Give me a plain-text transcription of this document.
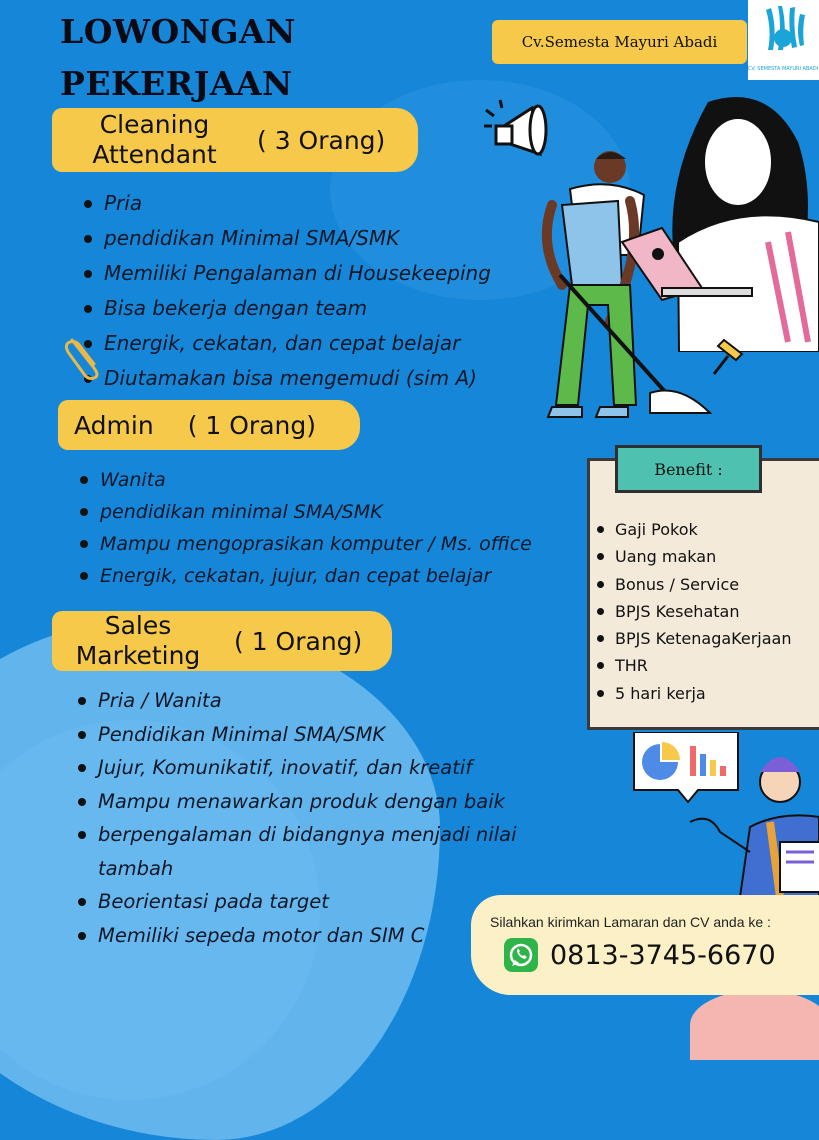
LOWONGAN
PEKERJAAN
Cv.Semesta Mayuri Abadi
CV. SEMESTA MAYURI ABADI
Cleaning
Attendant	( 3 Orang)
Pria
pendidikan Minimal SMA/SMK
Memiliki Pengalaman di Housekeeping
Bisa bekerja dengan team
Energik, cekatan, dan cepat belajar
Diutamakan bisa mengemudi (sim A)
Admin ( 1 Orang)
Wanita
pendidikan minimal SMA/SMK
Mampu mengoprasikan komputer / Ms. office
Energik, cekatan, jujur, dan cepat belajar
Sales
Marketing	( 1 Orang)
Pria / Wanita
Pendidikan Minimal SMA/SMK
Jujur, Komunikatif, inovatif, dan kreatif
Mampu menawarkan produk dengan baik
berpengalaman di bidangnya menjadi nilai tambah
Beorientasi pada target
Memiliki sepeda motor dan SIM C
Benefit :
Gaji Pokok
Uang makan
Bonus / Service
BPJS Kesehatan
BPJS KetenagaKerjaan
THR
5 hari kerja
Silahkan kirimkan Lamaran dan CV anda ke :
0813-3745-6670
